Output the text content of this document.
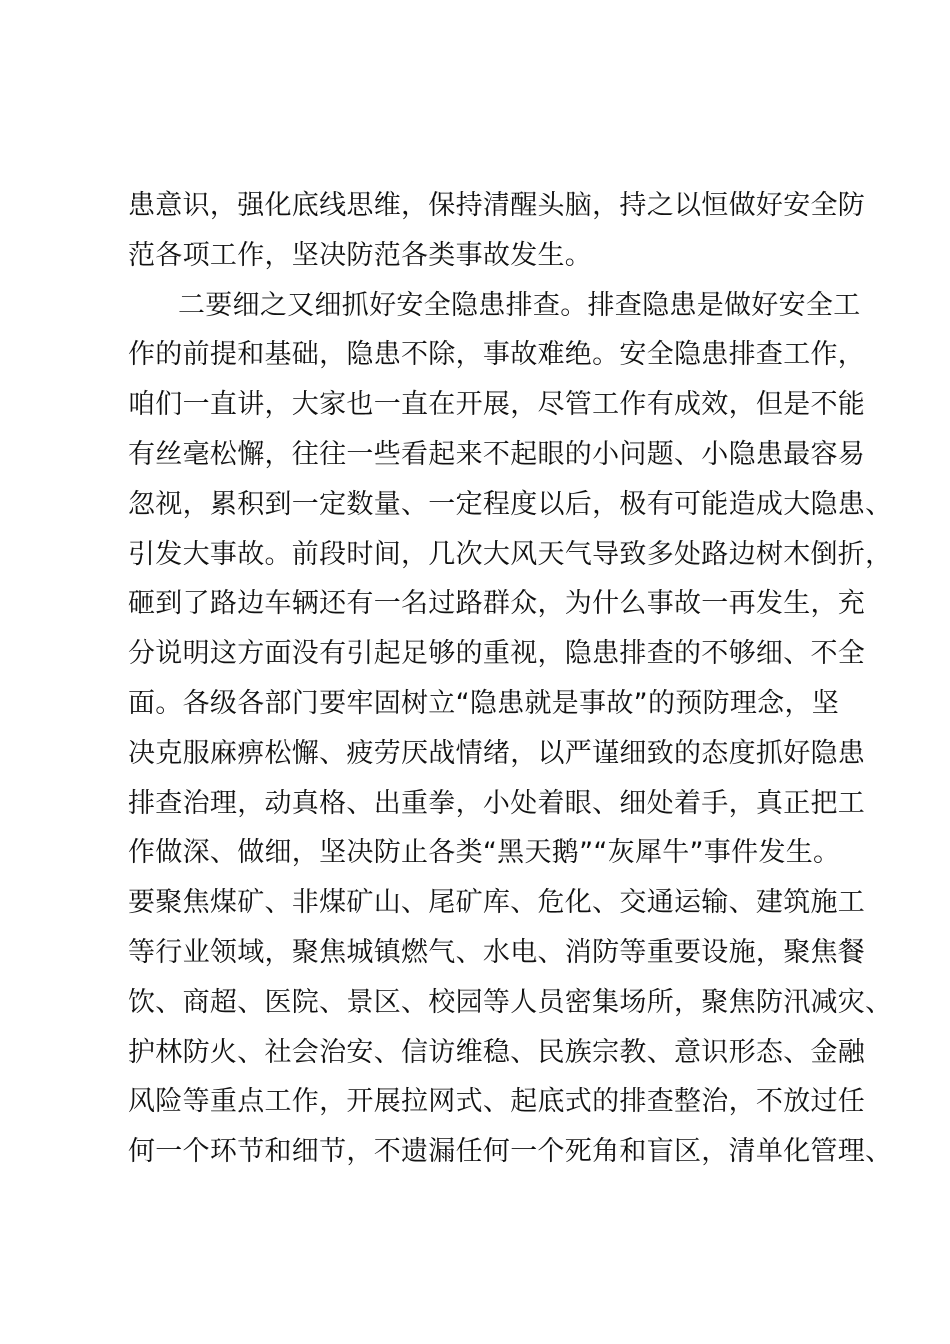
患意识，强化底线思维，保持清醒头脑，持之以恒做好安全防
范各项工作，坚决防范各类事故发生。
二要细之又细抓好安全隐患排查。排查隐患是做好安全工
作的前提和基础，隐患不除，事故难绝。安全隐患排查工作，
咱们一直讲，大家也一直在开展，尽管工作有成效，但是不能
有丝毫松懈，往往一些看起来不起眼的小问题、小隐患最容易
忽视，累积到一定数量、一定程度以后，极有可能造成大隐患、
引发大事故。前段时间，几次大风天气导致多处路边树木倒折，
砸到了路边车辆还有一名过路群众，为什么事故一再发生，充
分说明这方面没有引起足够的重视，隐患排查的不够细、不全
面。各级各部门要牢固树立“隐患就是事故”的预防理念，坚
决克服麻痹松懈、疲劳厌战情绪，以严谨细致的态度抓好隐患
排查治理，动真格、出重拳，小处着眼、细处着手，真正把工
作做深、做细，坚决防止各类“黑天鹅”“灰犀牛”事件发生。
要聚焦煤矿、非煤矿山、尾矿库、危化、交通运输、建筑施工
等行业领域，聚焦城镇燃气、水电、消防等重要设施，聚焦餐
饮、商超、医院、景区、校园等人员密集场所，聚焦防汛减灾、
护林防火、社会治安、信访维稳、民族宗教、意识形态、金融
风险等重点工作，开展拉网式、起底式的排查整治，不放过任
何一个环节和细节，不遗漏任何一个死角和盲区，清单化管理、
